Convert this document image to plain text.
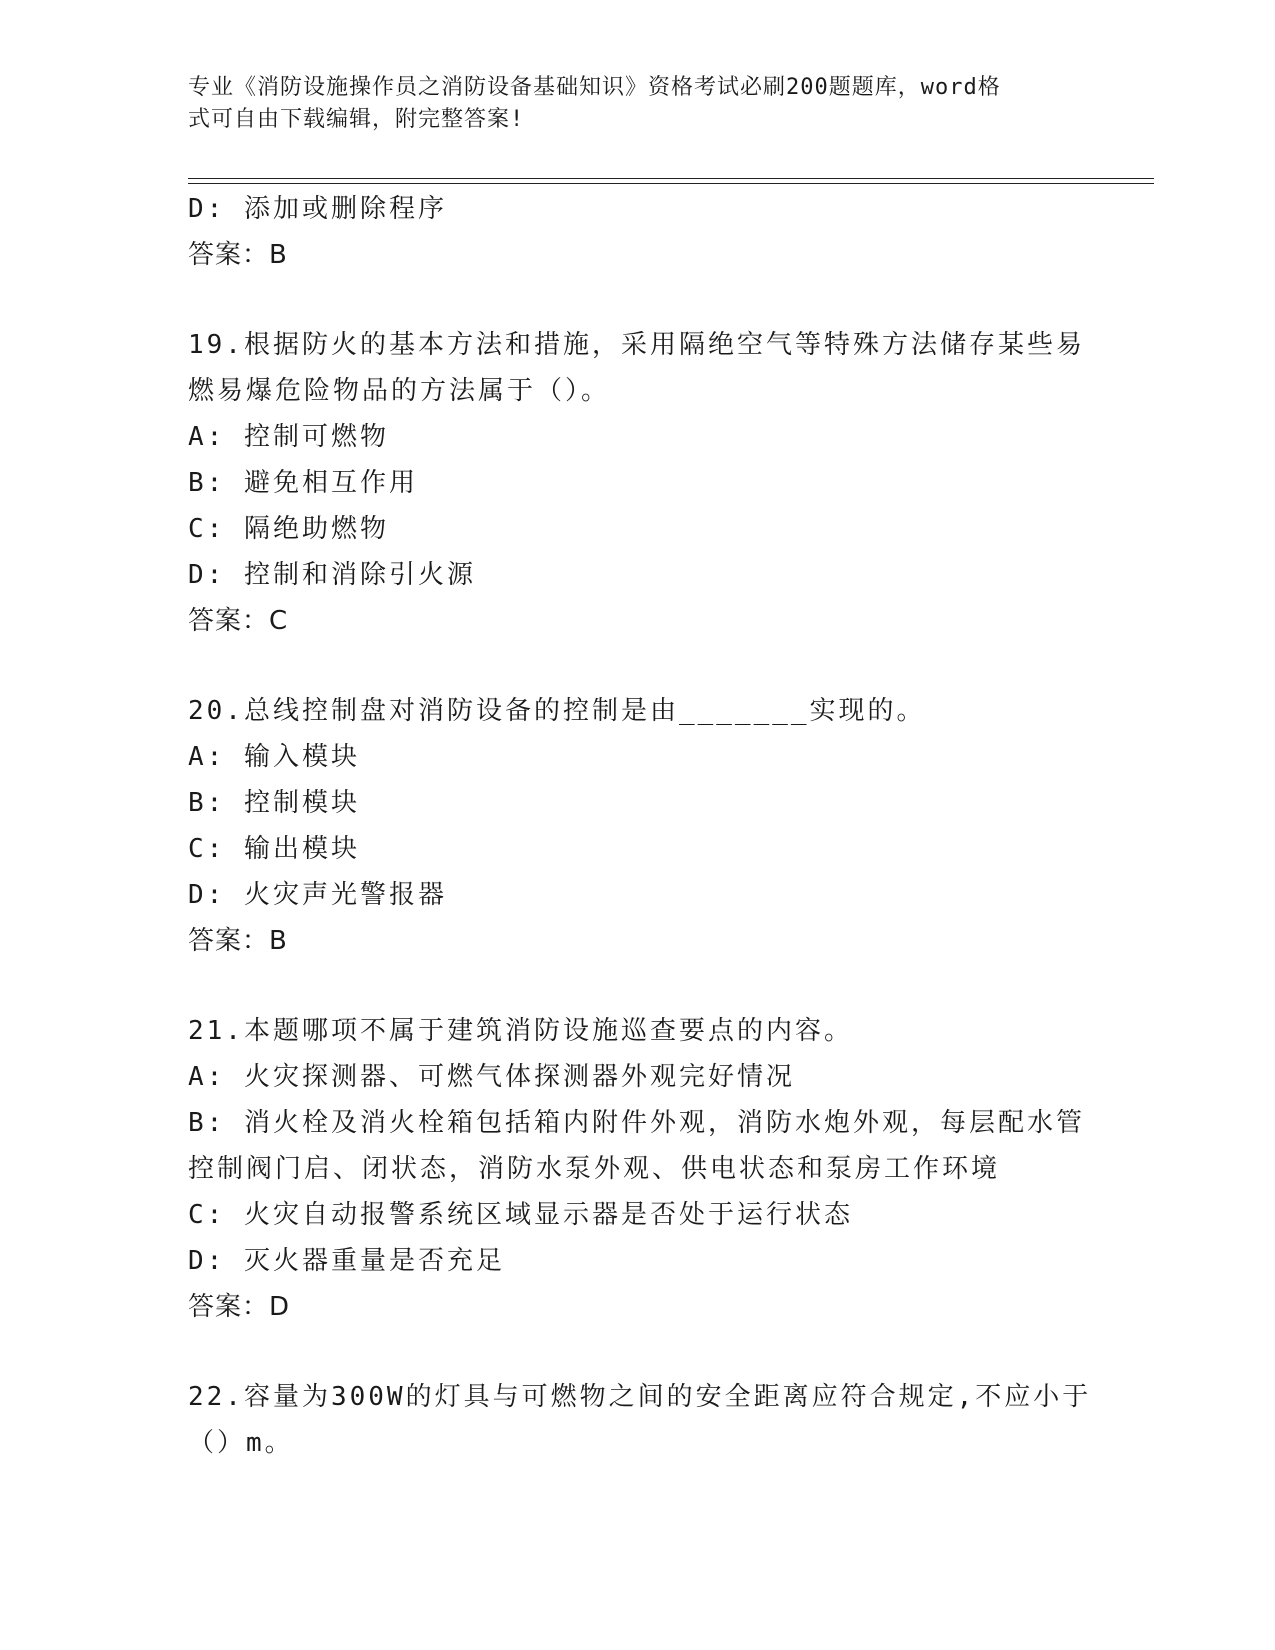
专业《消防设施操作员之消防设备基础知识》资格考试必刷200题题库，word格
式可自由下载编辑，附完整答案!
D: 添加或删除程序
答案：B
19.根据防火的基本方法和措施，采用隔绝空气等特殊方法储存某些易
燃易爆危险物品的方法属于（）。
A: 控制可燃物
B: 避免相互作用
C: 隔绝助燃物
D: 控制和消除引火源
答案：C
20.总线控制盘对消防设备的控制是由_______实现的。
A: 输入模块
B: 控制模块
C: 输出模块
D: 火灾声光警报器
答案：B
21.本题哪项不属于建筑消防设施巡查要点的内容。
A: 火灾探测器、可燃气体探测器外观完好情况
B: 消火栓及消火栓箱包括箱内附件外观，消防水炮外观，每层配水管
控制阀门启、闭状态，消防水泵外观、供电状态和泵房工作环境
C: 火灾自动报警系统区域显示器是否处于运行状态
D: 灭火器重量是否充足
答案：D
22.容量为300W的灯具与可燃物之间的安全距离应符合规定,不应小于
（）m。
